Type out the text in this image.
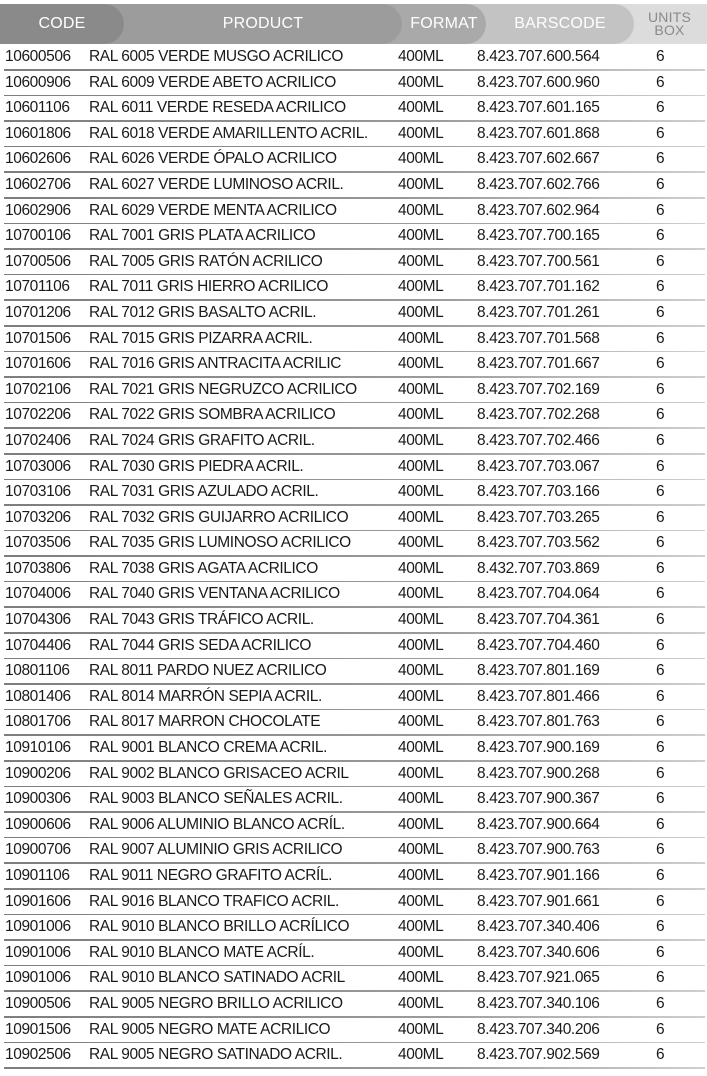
CODE	PRODUCT	FORMAT BARSCODE	UNITS
BOX
10600506 RAL 6005 VERDE MUSGO ACRILICO	400ML 8.423.707.600.564	6
10600906 RAL 6009 VERDE ABETO ACRILICO	400ML 8.423.707.600.960	6
10601106 RAL 6011 VERDE RESEDA ACRILICO	400ML 8.423.707.601.165	6
10601806 RAL 6018 VERDE AMARILLENTO ACRIL. 400ML 8.423.707.601.868	6
10602606 RAL 6026 VERDE ÓPALO ACRILICO	400ML 8.423.707.602.667	6
10602706 RAL 6027 VERDE LUMINOSO ACRIL.	400ML 8.423.707.602.766	6
10602906 RAL 6029 VERDE MENTA ACRILICO	400ML 8.423.707.602.964	6
10700106 RAL 7001 GRIS PLATA ACRILICO	400ML 8.423.707.700.165	6
10700506 RAL 7005 GRIS RATÓN ACRILICO	400ML 8.423.707.700.561	6
10701106 RAL 7011 GRIS HIERRO ACRILICO	400ML 8.423.707.701.162	6
10701206 RAL 7012 GRIS BASALTO ACRIL.	400ML 8.423.707.701.261	6
10701506 RAL 7015 GRIS PIZARRA ACRIL.	400ML 8.423.707.701.568	6
10701606 RAL 7016 GRIS ANTRACITA ACRILIC	400ML 8.423.707.701.667	6
10702106 RAL 7021 GRIS NEGRUZCO ACRILICO	400ML 8.423.707.702.169	6
10702206 RAL 7022 GRIS SOMBRA ACRILICO	400ML 8.423.707.702.268	6
10702406 RAL 7024 GRIS GRAFITO ACRIL.	400ML 8.423.707.702.466	6
10703006 RAL 7030 GRIS PIEDRA ACRIL.	400ML 8.423.707.703.067	6
10703106 RAL 7031 GRIS AZULADO ACRIL.	400ML 8.423.707.703.166	6
10703206 RAL 7032 GRIS GUIJARRO ACRILICO	400ML 8.423.707.703.265	6
10703506 RAL 7035 GRIS LUMINOSO ACRILICO	400ML 8.423.707.703.562	6
10703806 RAL 7038 GRIS AGATA ACRILICO	400ML 8.432.707.703.869	6
10704006 RAL 7040 GRIS VENTANA ACRILICO	400ML 8.423.707.704.064	6
10704306 RAL 7043 GRIS TRÁFICO ACRIL.	400ML 8.423.707.704.361	6
10704406 RAL 7044 GRIS SEDA ACRILICO	400ML 8.423.707.704.460	6
10801106 RAL 8011 PARDO NUEZ ACRILICO	400ML 8.423.707.801.169	6
10801406 RAL 8014 MARRÓN SEPIA ACRIL.	400ML 8.423.707.801.466	6
10801706 RAL 8017 MARRON CHOCOLATE	400ML 8.423.707.801.763	6
10910106 RAL 9001 BLANCO CREMA ACRIL.	400ML 8.423.707.900.169	6
10900206 RAL 9002 BLANCO GRISACEO ACRIL	400ML 8.423.707.900.268	6
10900306 RAL 9003 BLANCO SEÑALES ACRIL.	400ML 8.423.707.900.367	6
10900606 RAL 9006 ALUMINIO BLANCO ACRÍL.	400ML 8.423.707.900.664	6
10900706 RAL 9007 ALUMINIO GRIS ACRILICO	400ML 8.423.707.900.763	6
10901106 RAL 9011 NEGRO GRAFITO ACRÍL.	400ML 8.423.707.901.166	6
10901606 RAL 9016 BLANCO TRAFICO ACRIL.	400ML 8.423.707.901.661	6
10901006 RAL 9010 BLANCO BRILLO ACRÍLICO	400ML 8.423.707.340.406	6
10901006 RAL 9010 BLANCO MATE ACRÍL.	400ML 8.423.707.340.606	6
10901006 RAL 9010 BLANCO SATINADO ACRIL	400ML 8.423.707.921.065	6
10900506 RAL 9005 NEGRO BRILLO ACRILICO	400ML 8.423.707.340.106	6
10901506 RAL 9005 NEGRO MATE ACRILICO	400ML 8.423.707.340.206	6
10902506 RAL 9005 NEGRO SATINADO ACRIL.	400ML 8.423.707.902.569	6
